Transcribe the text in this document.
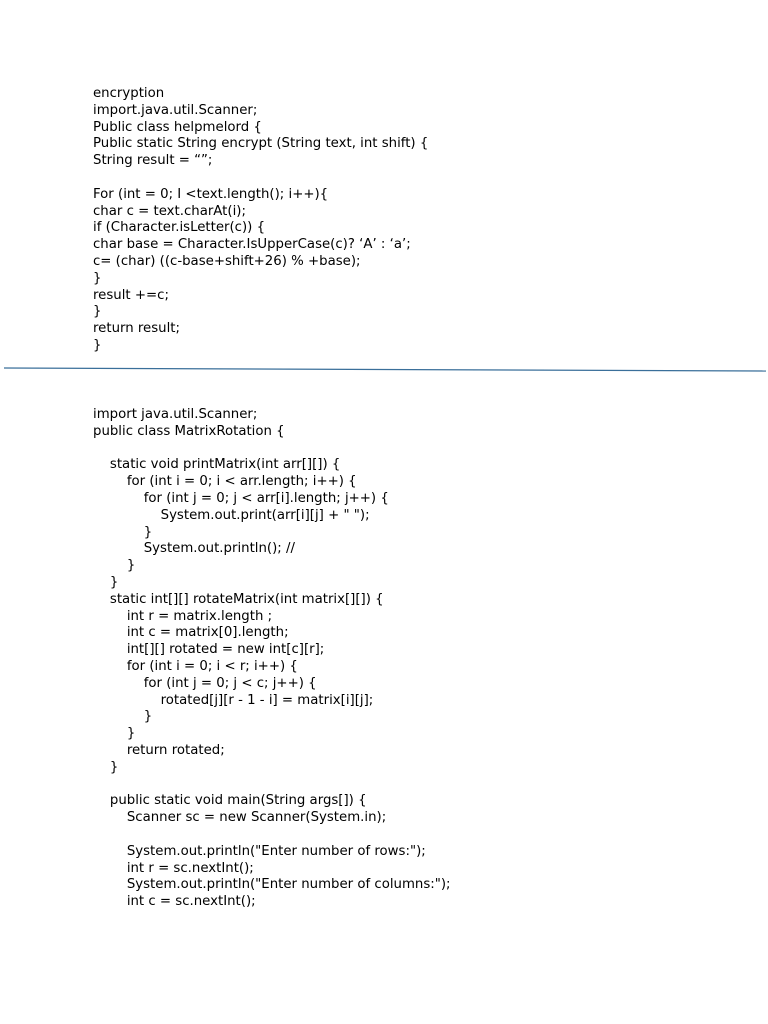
encryption
import.java.util.Scanner;
Public class helpmelord {
Public static String encrypt (String text, int shift) {
String result = “”;
For (int = 0; I <text.length(); i++){
char c = text.charAt(i);
if (Character.isLetter(c)) {
char base = Character.IsUpperCase(c)? ‘A’ : ‘a’;
c= (char) ((c-base+shift+26) % +base);
}
result +=c;
}
return result;
}
import java.util.Scanner;
public class MatrixRotation {
static void printMatrix(int arr[][]) {
for (int i = 0; i < arr.length; i++) {
for (int j = 0; j < arr[i].length; j++) {
System.out.print(arr[i][j] + " ");
}
System.out.println(); //
}
}
static int[][] rotateMatrix(int matrix[][]) {
int r = matrix.length ;
int c = matrix[0].length;
int[][] rotated = new int[c][r];
for (int i = 0; i < r; i++) {
for (int j = 0; j < c; j++) {
rotated[j][r - 1 - i] = matrix[i][j];
}
}
return rotated;
}
public static void main(String args[]) {
Scanner sc = new Scanner(System.in);
System.out.println("Enter number of rows:");
int r = sc.nextInt();
System.out.println("Enter number of columns:");
int c = sc.nextInt();
